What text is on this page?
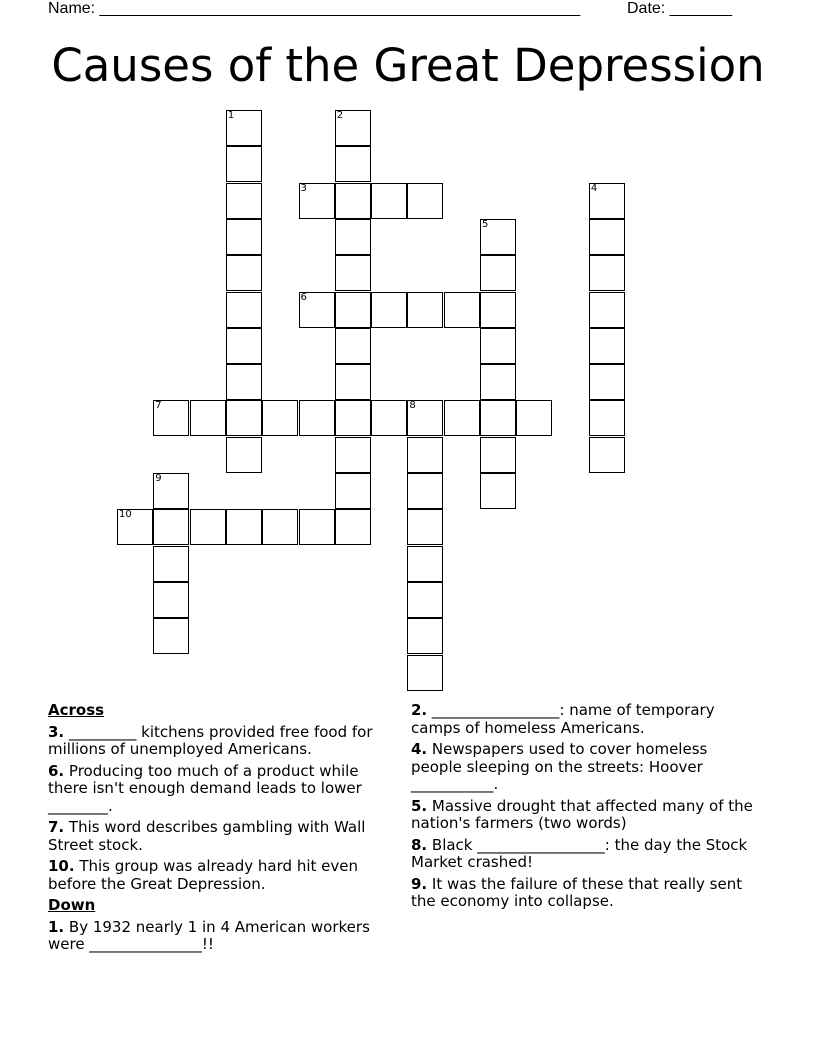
Name: ______________________________________________________	Date: _______
Causes of the Great Depression
1	2
3	4
5
6
7	8
9
10
Across
3. _________ kitchens provided free food for millions of unemployed Americans.
6. Producing too much of a product while there isn't enough demand leads to lower ________.
7. This word describes gambling with Wall Street stock.
10. This group was already hard hit even before the Great Depression.
Down
1. By 1932 nearly 1 in 4 American workers were _______________!!
2. _________________: name of temporary camps of homeless Americans.
4. Newspapers used to cover homeless people sleeping on the streets: Hoover ___________.
5. Massive drought that affected many of the nation's farmers (two words)
8. Black _________________: the day the Stock Market crashed!
9. It was the failure of these that really sent the economy into collapse.
